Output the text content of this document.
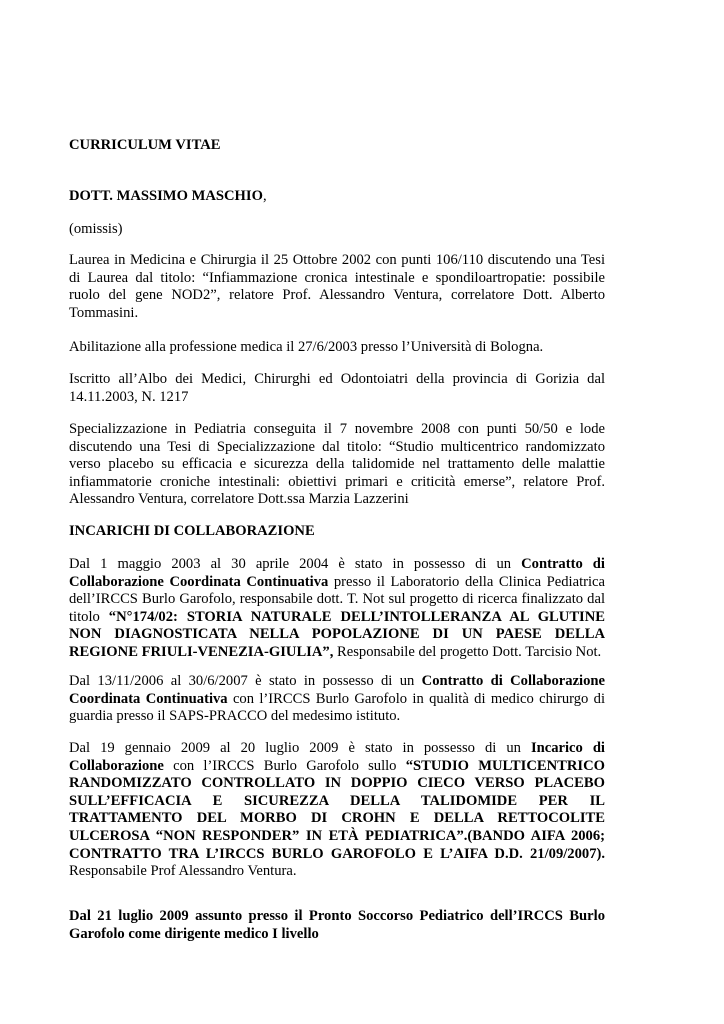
CURRICULUM VITAE

DOTT. MASSIMO MASCHIO,

(omissis)

Laurea in Medicina e Chirurgia il 25 Ottobre 2002 con punti 106/110 discutendo una Tesi di Laurea dal titolo: “Infiammazione cronica intestinale e spondiloartropatie: possibile ruolo del gene NOD2”, relatore Prof. Alessandro Ventura, correlatore Dott. Alberto Tommasini.

Abilitazione alla professione medica il 27/6/2003 presso l’Università di Bologna.

Iscritto all’Albo dei Medici, Chirurghi ed Odontoiatri della provincia di Gorizia dal 14.11.2003, N. 1217

Specializzazione in Pediatria conseguita il 7 novembre 2008 con punti 50/50 e lode discutendo una Tesi di Specializzazione dal titolo: “Studio multicentrico randomizzato verso placebo su efficacia e sicurezza della talidomide nel trattamento delle malattie infiammatorie croniche intestinali: obiettivi primari e criticità emerse”, relatore Prof. Alessandro Ventura, correlatore Dott.ssa Marzia Lazzerini

INCARICHI DI COLLABORAZIONE

Dal 1 maggio 2003 al 30 aprile 2004 è stato in possesso di un Contratto di Collaborazione Coordinata Continuativa presso il Laboratorio della Clinica Pediatrica dell’IRCCS Burlo Garofolo, responsabile dott. T. Not sul progetto di ricerca finalizzato dal titolo “N°174/02: STORIA NATURALE DELL’INTOLLERANZA AL GLUTINE NON DIAGNOSTICATA NELLA POPOLAZIONE DI UN PAESE DELLA REGIONE FRIULI-VENEZIA-GIULIA”, Responsabile del progetto Dott. Tarcisio Not.

Dal 13/11/2006 al 30/6/2007 è stato in possesso di un Contratto di Collaborazione Coordinata Continuativa con l’IRCCS Burlo Garofolo in qualità di medico chirurgo di guardia presso il SAPS-PRACCO del medesimo istituto.

Dal 19 gennaio 2009 al 20 luglio 2009 è stato in possesso di un Incarico di Collaborazione con l’IRCCS Burlo Garofolo sullo “STUDIO MULTICENTRICO RANDOMIZZATO CONTROLLATO IN DOPPIO CIECO VERSO PLACEBO SULL’EFFICACIA E SICUREZZA DELLA TALIDOMIDE PER IL TRATTAMENTO DEL MORBO DI CROHN E DELLA RETTOCOLITE ULCEROSA “NON RESPONDER” IN ETÀ PEDIATRICA”.(BANDO AIFA 2006; CONTRATTO TRA L’IRCCS BURLO GAROFOLO E L’AIFA D.D. 21/09/2007). Responsabile Prof Alessandro Ventura.

Dal 21 luglio 2009 assunto presso il Pronto Soccorso Pediatrico dell’IRCCS Burlo Garofolo come dirigente medico I livello
